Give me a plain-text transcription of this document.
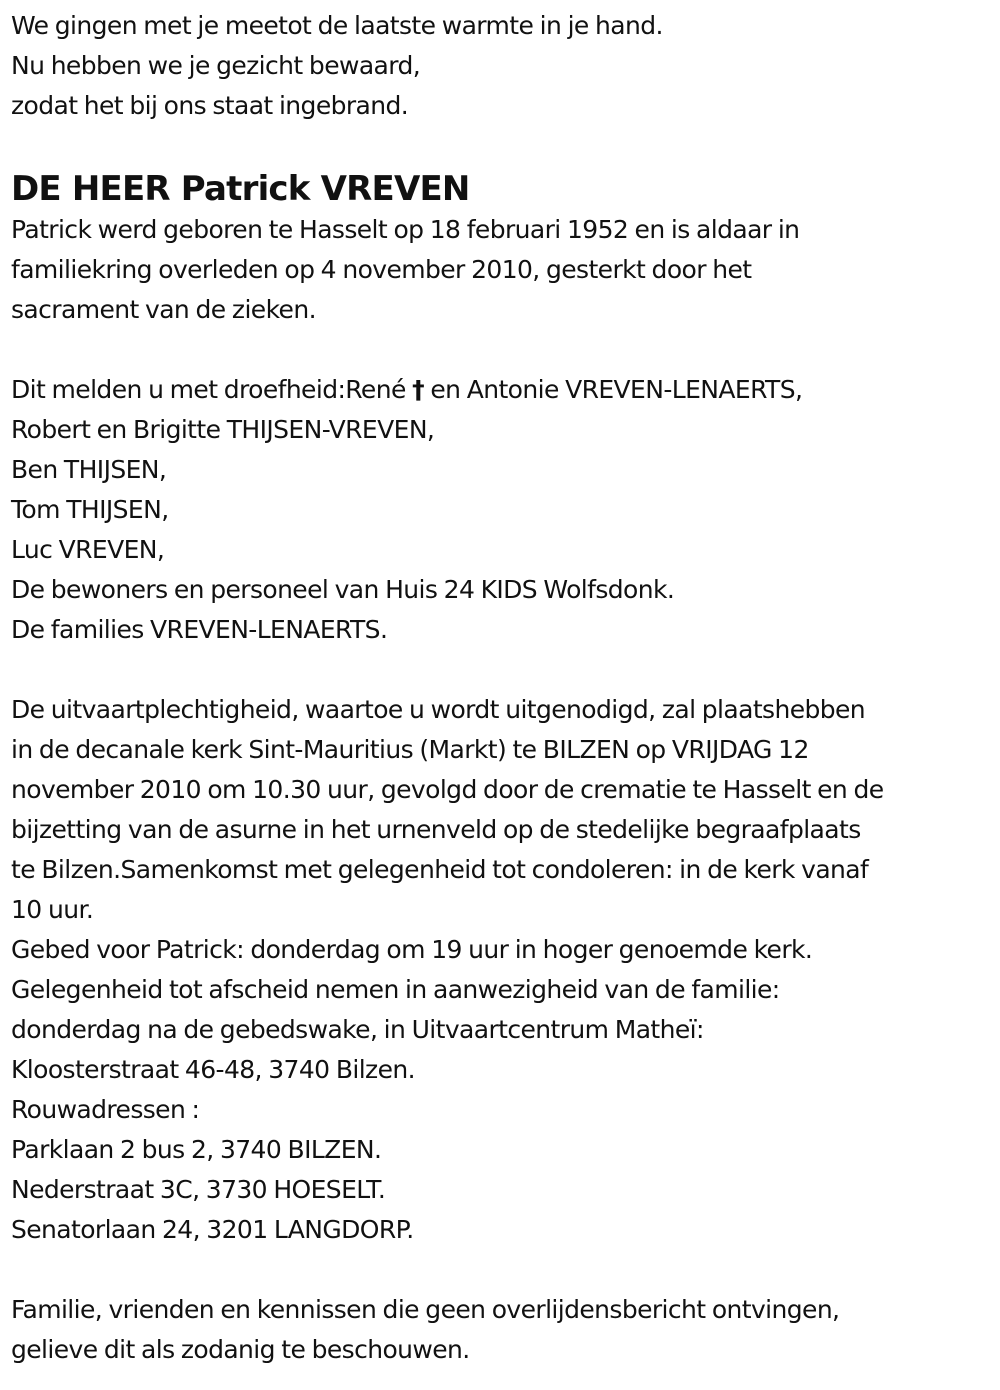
We gingen met je meetot de laatste warmte in je hand.
Nu hebben we je gezicht bewaard,
zodat het bij ons staat ingebrand.
DE HEER Patrick VREVEN
Patrick werd geboren te Hasselt op 18 februari 1952 en is aldaar in
familiekring overleden op 4 november 2010, gesterkt door het
sacrament van de zieken.
Dit melden u met droefheid:René † en Antonie VREVEN-LENAERTS,
Robert en Brigitte THIJSEN-VREVEN,
Ben THIJSEN,
Tom THIJSEN,
Luc VREVEN,
De bewoners en personeel van Huis 24 KIDS Wolfsdonk.
De families VREVEN-LENAERTS.
De uitvaartplechtigheid, waartoe u wordt uitgenodigd, zal plaatshebben
in de decanale kerk Sint-Mauritius (Markt) te BILZEN op VRIJDAG 12
november 2010 om 10.30 uur, gevolgd door de crematie te Hasselt en de
bijzetting van de asurne in het urnenveld op de stedelijke begraafplaats
te Bilzen.Samenkomst met gelegenheid tot condoleren: in de kerk vanaf
10 uur.
Gebed voor Patrick: donderdag om 19 uur in hoger genoemde kerk.
Gelegenheid tot afscheid nemen in aanwezigheid van de familie:
donderdag na de gebedswake, in Uitvaartcentrum Matheï:
Kloosterstraat 46-48, 3740 Bilzen.
Rouwadressen :
Parklaan 2 bus 2, 3740 BILZEN.
Nederstraat 3C, 3730 HOESELT.
Senatorlaan 24, 3201 LANGDORP.
Familie, vrienden en kennissen die geen overlijdensbericht ontvingen,
gelieve dit als zodanig te beschouwen.
